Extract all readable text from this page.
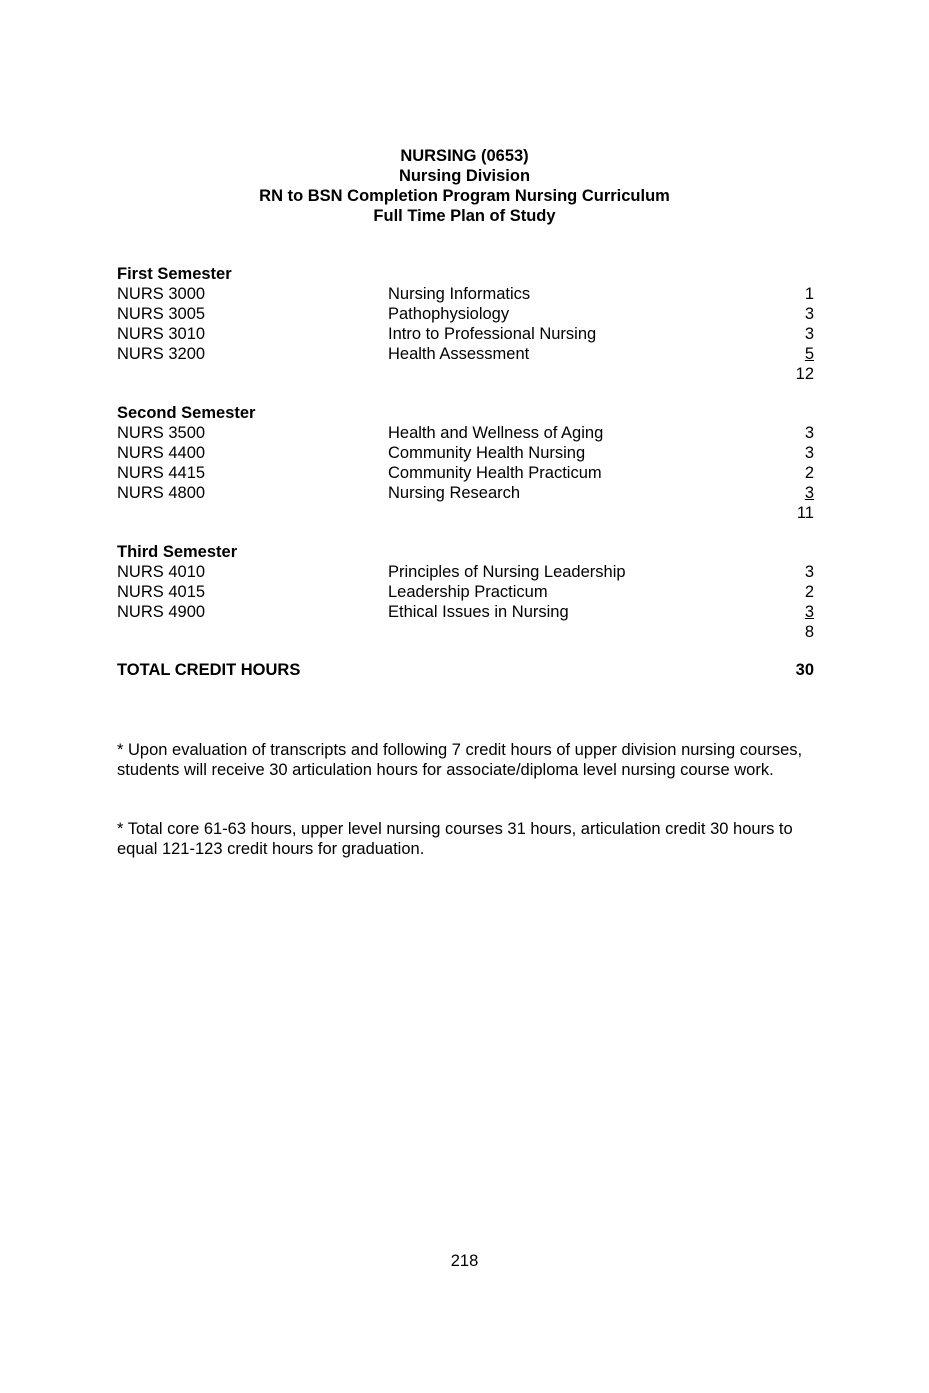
NURSING (0653)
Nursing Division
RN to BSN Completion Program Nursing Curriculum
Full Time Plan of Study
First Semester
NURS 3000	Nursing Informatics	1
NURS 3005	Pathophysiology	3
NURS 3010	Intro to Professional Nursing	3
NURS 3200	Health Assessment	5
12
Second Semester
NURS 3500	Health and Wellness of Aging	3
NURS 4400	Community Health Nursing	3
NURS 4415	Community Health Practicum	2
NURS 4800	Nursing Research	3
11
Third Semester
NURS 4010	Principles of Nursing Leadership	3
NURS 4015	Leadership Practicum	2
NURS 4900	Ethical Issues in Nursing	3
8
TOTAL CREDIT HOURS	30
* Upon evaluation of transcripts and following 7 credit hours of upper division nursing courses, students will receive 30 articulation hours for associate/diploma level nursing course work.
* Total core 61-63 hours, upper level nursing courses 31 hours, articulation credit 30 hours to equal 121-123 credit hours for graduation.
218
